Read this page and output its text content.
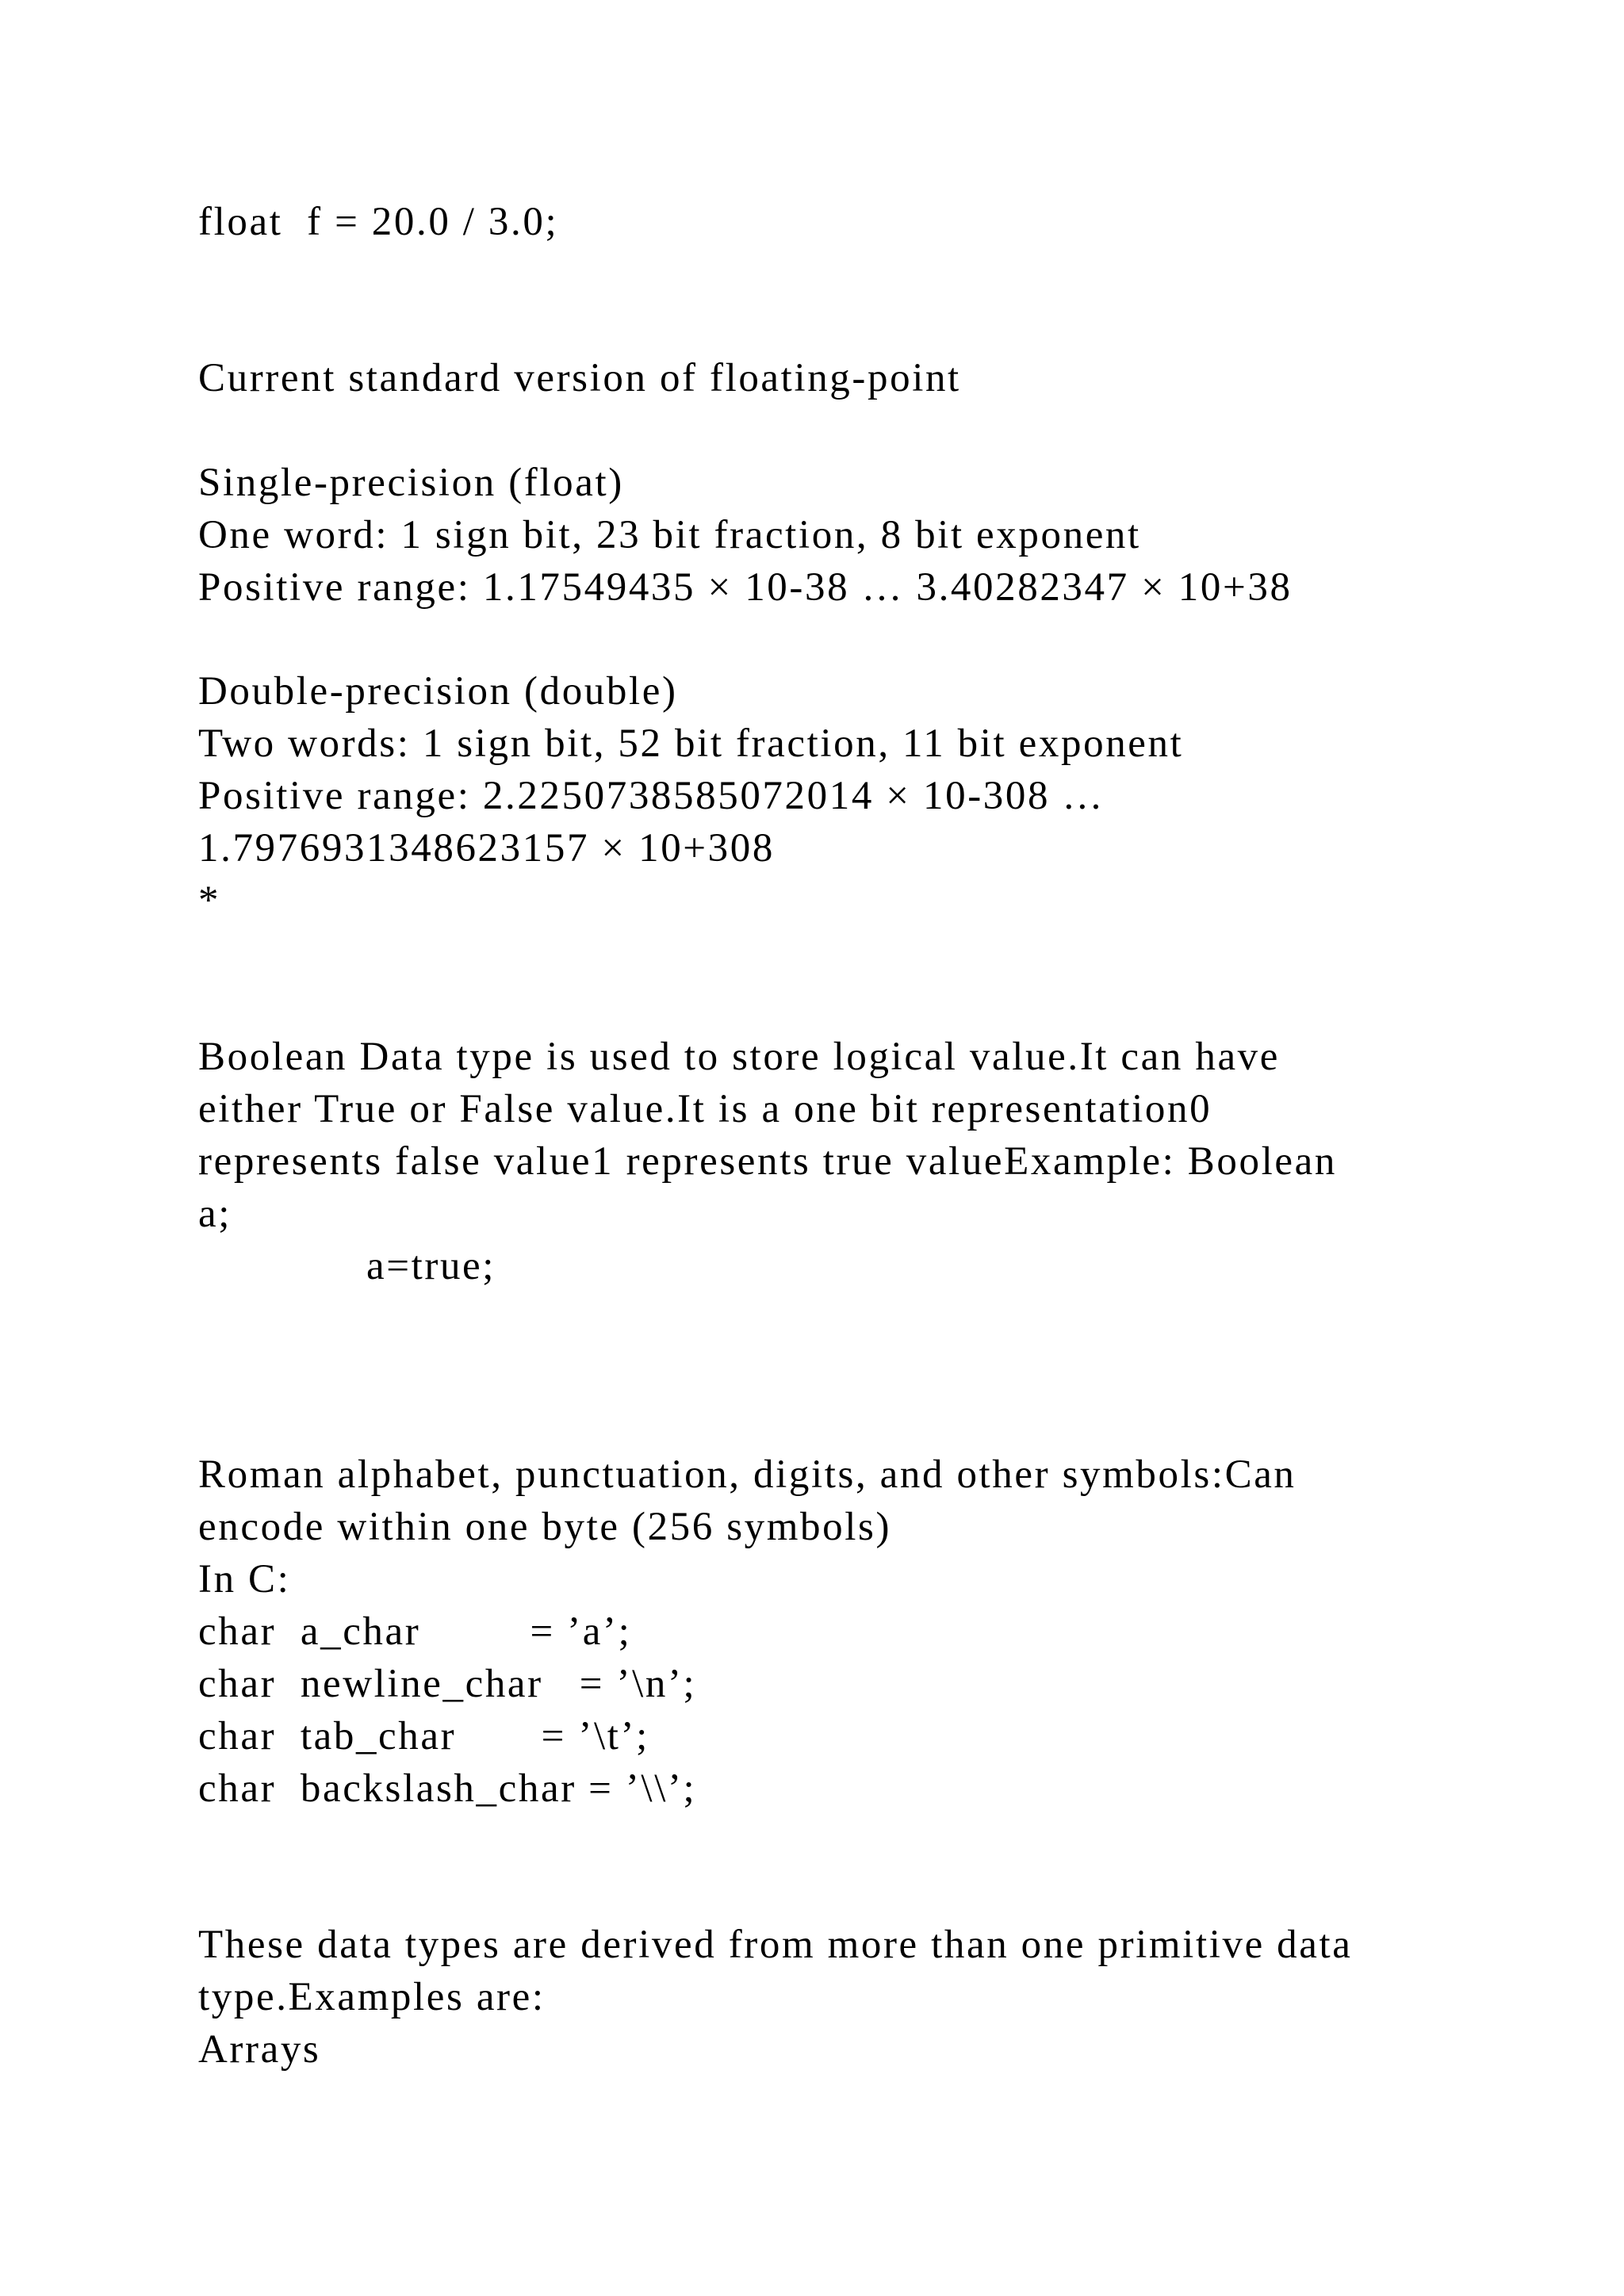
float  f = 20.0 / 3.0;
Current standard version of floating-point
Single-precision (float)
One word: 1 sign bit, 23 bit fraction, 8 bit exponent
Positive range: 1.17549435 × 10-38 … 3.40282347 × 10+38
Double-precision (double)
Two words: 1 sign bit, 52 bit fraction, 11 bit exponent
Positive range: 2.2250738585072014 × 10-308 …
1.7976931348623157 × 10+308
*
Boolean Data type is used to store logical value.It can have
either True or False value.It is a one bit representation0
represents false value1 represents true valueExample: Boolean
a;
a=true;
Roman alphabet, punctuation, digits, and other symbols:Can
encode within one byte (256 symbols)
In C:
char  a_char         = ’a’;
char  newline_char   = ’\n’;
char  tab_char       = ’\t’;
char  backslash_char = ’\\’;
These data types are derived from more than one primitive data
type.Examples are:
Arrays
